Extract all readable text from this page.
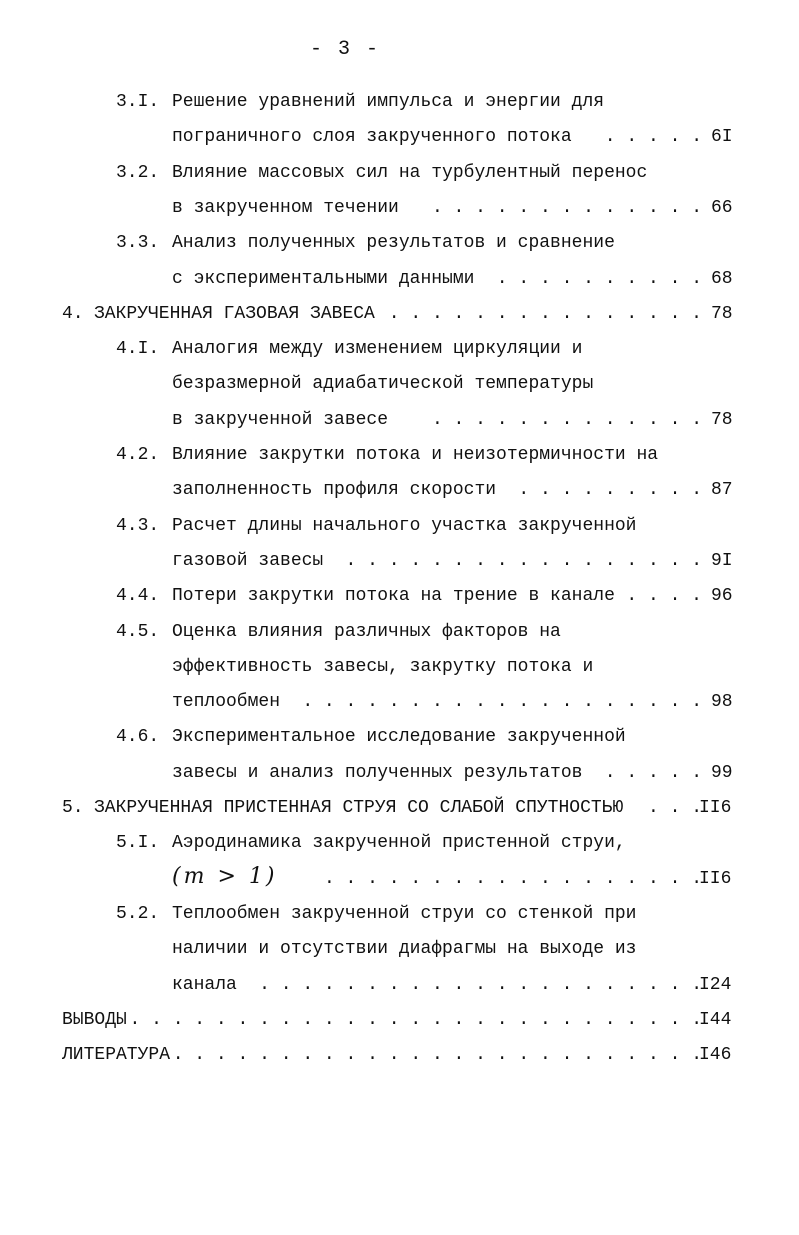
- 3 -
3.I. Решение уравнений импульса и энергии для
пограничного слоя закрученного потока . . . . . 6I
3.2. Влияние массовых сил на турбулентный перенос
в закрученном течении . . . . . . . . . . . . . 66
3.3. Анализ полученных результатов и сравнение
с экспериментальными данными . . . . . . . . . . 68
4. ЗАКРУЧЕННАЯ ГАЗОВАЯ ЗАВЕСА . . . . . . . . . . . . . . . 78
4.I. Аналогия между изменением циркуляции и
безразмерной адиабатической температуры
в закрученной завесе . . . . . . . . . . . . . 78
4.2. Влияние закрутки потока и неизотермичности на
заполненность профиля скорости . . . . . . . . . 87
4.3. Расчет длины начального участка закрученной
газовой завесы . . . . . . . . . . . . . . . . . 9I
4.4. Потери закрутки потока на трение в канале . . . . 96
4.5. Оценка влияния различных факторов на
эффективность завесы, закрутку потока и
теплообмен . . . . . . . . . . . . . . . . . . . 98
4.6. Экспериментальное исследование закрученной
завесы и анализ полученных результатов . . . . . 99
5. ЗАКРУЧЕННАЯ ПРИСТЕННАЯ СТРУЯ СО СЛАБОЙ СПУТНОСТЬЮ . . .
II6
5.I. Аэродинамика закрученной пристенной струи,
(m > 1)	. . . . . . . . . . . . . . . . . .
II6
5.2. Теплообмен закрученной струи со стенкой при
наличии и отсутствии диафрагмы на выходе из
канала . . . . . . . . . . . . . . . . . . . . .
I24
ВЫВОДЫ . . . . . . . . . . . . . . . . . . . . . . . . . . .
I44
ЛИТЕРАТУРА . . . . . . . . . . . . . . . . . . . . . . . . .
I46
